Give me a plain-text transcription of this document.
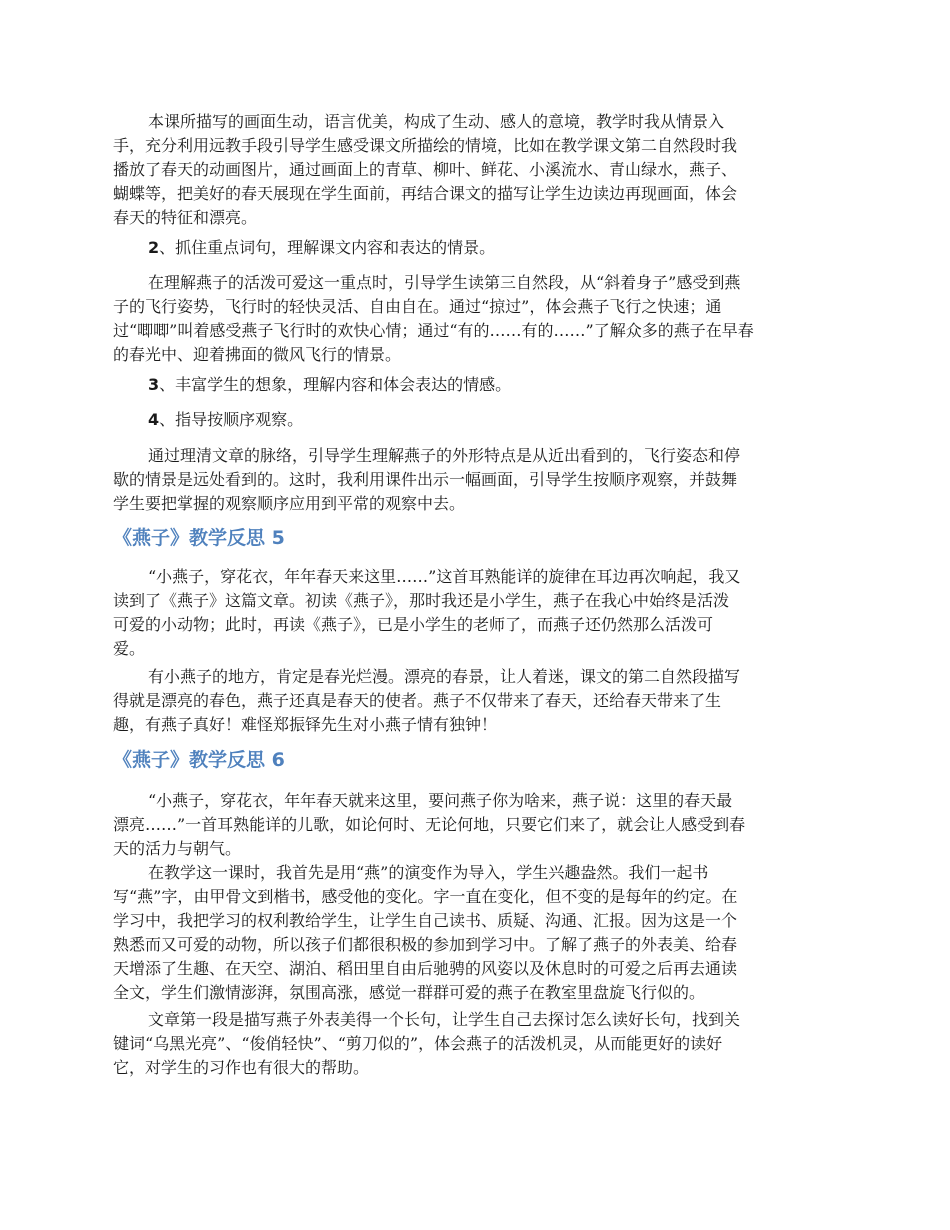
本课所描写的画面生动，语言优美，构成了生动、感人的意境，教学时我从情景入
手，充分利用远教手段引导学生感受课文所描绘的情境，比如在教学课文第二自然段时我
播放了春天的动画图片，通过画面上的青草、柳叶、鲜花、小溪流水、青山绿水，燕子、
蝴蝶等，把美好的春天展现在学生面前，再结合课文的描写让学生边读边再现画面，体会
春天的特征和漂亮。
2、抓住重点词句，理解课文内容和表达的情景。
在理解燕子的活泼可爱这一重点时，引导学生读第三自然段，从“斜着身子”感受到燕
子的飞行姿势，飞行时的轻快灵活、自由自在。通过“掠过”，体会燕子飞行之快速；通
过“唧唧”叫着感受燕子飞行时的欢快心情；通过“有的……有的……”了解众多的燕子在早春
的春光中、迎着拂面的微风飞行的情景。
3、丰富学生的想象，理解内容和体会表达的情感。
4、指导按顺序观察。
通过理清文章的脉络，引导学生理解燕子的外形特点是从近出看到的，飞行姿态和停
歇的情景是远处看到的。这时，我利用课件出示一幅画面，引导学生按顺序观察，并鼓舞
学生要把掌握的观察顺序应用到平常的观察中去。
《燕子》教学反思 5
“小燕子，穿花衣，年年春天来这里……”这首耳熟能详的旋律在耳边再次响起，我又
读到了《燕子》这篇文章。初读《燕子》，那时我还是小学生，燕子在我心中始终是活泼
可爱的小动物；此时，再读《燕子》，已是小学生的老师了，而燕子还仍然那么活泼可
爱。
有小燕子的地方，肯定是春光烂漫。漂亮的春景，让人着迷，课文的第二自然段描写
得就是漂亮的春色，燕子还真是春天的使者。燕子不仅带来了春天，还给春天带来了生
趣，有燕子真好！难怪郑振铎先生对小燕子情有独钟！
《燕子》教学反思 6
“小燕子，穿花衣，年年春天就来这里，要问燕子你为啥来，燕子说：这里的春天最
漂亮……”一首耳熟能详的儿歌，如论何时、无论何地，只要它们来了，就会让人感受到春
天的活力与朝气。
在教学这一课时，我首先是用“燕”的演变作为导入，学生兴趣盎然。我们一起书
写“燕”字，由甲骨文到楷书，感受他的变化。字一直在变化，但不变的是每年的约定。在
学习中，我把学习的权利教给学生，让学生自己读书、质疑、沟通、汇报。因为这是一个
熟悉而又可爱的动物，所以孩子们都很积极的参加到学习中。了解了燕子的外表美、给春
天增添了生趣、在天空、湖泊、稻田里自由后驰骋的风姿以及休息时的可爱之后再去通读
全文，学生们激情澎湃，氛围高涨，感觉一群群可爱的燕子在教室里盘旋飞行似的。
文章第一段是描写燕子外表美得一个长句，让学生自己去探讨怎么读好长句，找到关
键词“乌黑光亮”、“俊俏轻快”、“剪刀似的”，体会燕子的活泼机灵，从而能更好的读好
它，对学生的习作也有很大的帮助。
